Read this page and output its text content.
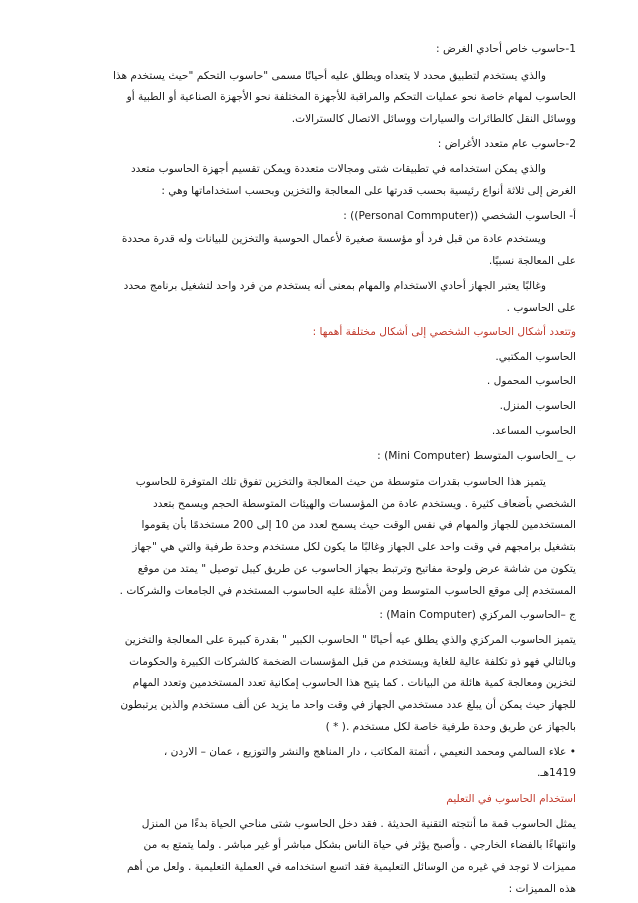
1-حاسوب خاص أحادي الغرض :
والذي يستخدم لتطبيق محدد لا يتعداه ويطلق عليه أحيانًا مسمى "حاسوب التحكم "حيث يستخدم هذا
الحاسوب لمهام خاصة نحو عمليات التحكم والمراقبة للأجهزة المختلفة نحو الأجهزة الصناعية أو الطبية أو
ووسائل النقل كالطائرات والسيارات ووسائل الاتصال كالسترالات.
2-حاسوب عام متعدد الأغراض :
والذي يمكن استخدامه في تطبيقات شتى ومجالات متعددة ويمكن تقسيم أجهزة الحاسوب متعدد
الغرض إلى ثلاثة أنواع رئيسية بحسب قدرتها على المعالجة والتخزين وبحسب استخداماتها وهي :
أ- الحاسوب الشخصي ((Personal Commputer)) :
ويستخدم عادة من قبل فرد أو مؤسسة صغيرة لأعمال الحوسبة والتخزين للبيانات وله قدرة محددة
على المعالجة نسبيًا.
وغالبًا يعتبر الجهاز أحادي الاستخدام والمهام بمعنى أنه يستخدم من فرد واحد لتشغيل برنامج محدد
على الحاسوب .
وتتعدد أشكال الحاسوب الشخصي إلى أشكال مختلفة أهمها :
الحاسوب المكتبي.
الحاسوب المحمول .
الحاسوب المنزل.
الحاسوب المساعد.
ب _الحاسوب المتوسط (Mini Computer) :
يتميز هذا الحاسوب بقدرات متوسطة من حيث المعالجة والتخزين تفوق تلك المتوفرة للحاسوب
الشخصي بأضعاف كثيرة . ويستخدم عادة من المؤسسات والهيئات المتوسطة الحجم ويسمح بتعدد
المستخدمين للجهاز والمهام في نفس الوقت حيث يسمح لعدد من 10 إلى 200 مستخدمًا بأن يقوموا
بتشغيل برامجهم في وقت واحد على الجهاز وغالبًا ما يكون لكل مستخدم وحدة طرفية والتي هي "جهاز
يتكون من شاشة عرض ولوحة مفاتيح وترتبط بجهاز الحاسوب عن طريق كيبل توصيل " يمتد من موقع
المستخدم إلى موقع الحاسوب المتوسط ومن الأمثلة عليه الحاسوب المستخدم في الجامعات والشركات .
ج –الحاسوب المركزي (Main Computer) :
يتميز الحاسوب المركزي والذي يطلق عيه أحيانًا " الحاسوب الكبير " بقدرة كبيرة على المعالجة والتخزين
وبالتالي فهو ذو تكلفة عالية للغاية ويستخدم من قبل المؤسسات الضخمة كالشركات الكبيرة والحكومات
لتخزين ومعالجة كمية هائلة من البيانات . كما يتيح هذا الحاسوب إمكانية تعدد المستخدمين وتعدد المهام
للجهاز حيث يمكن أن يبلغ عدد مستخدمي الجهاز في وقت واحد ما يزيد عن ألف مستخدم والذين يرتبطون
بالجهاز عن طريق وحدة طرفية خاصة لكل مستخدم .( * )
• علاء السالمي ومحمد النعيمي ، أتمتة المكاتب ، دار المناهج والنشر والتوزيع ، عمان – الاردن ،
1419هـ.
استخدام الحاسوب في التعليم
يمثل الحاسوب قمة ما أنتجته التقنية الحديثة . فقد دخل الحاسوب شتى مناحي الحياة بدءًا من المنزل
وانتهاءًا بالفضاء الخارجي . وأصبح يؤثر في حياة الناس بشكل مباشر أو غير مباشر . ولما يتمتع به من
مميزات لا توجد في غيره من الوسائل التعليمية فقد اتسع استخدامه في العملية التعليمية . ولعل من أهم
هذه المميزات :
